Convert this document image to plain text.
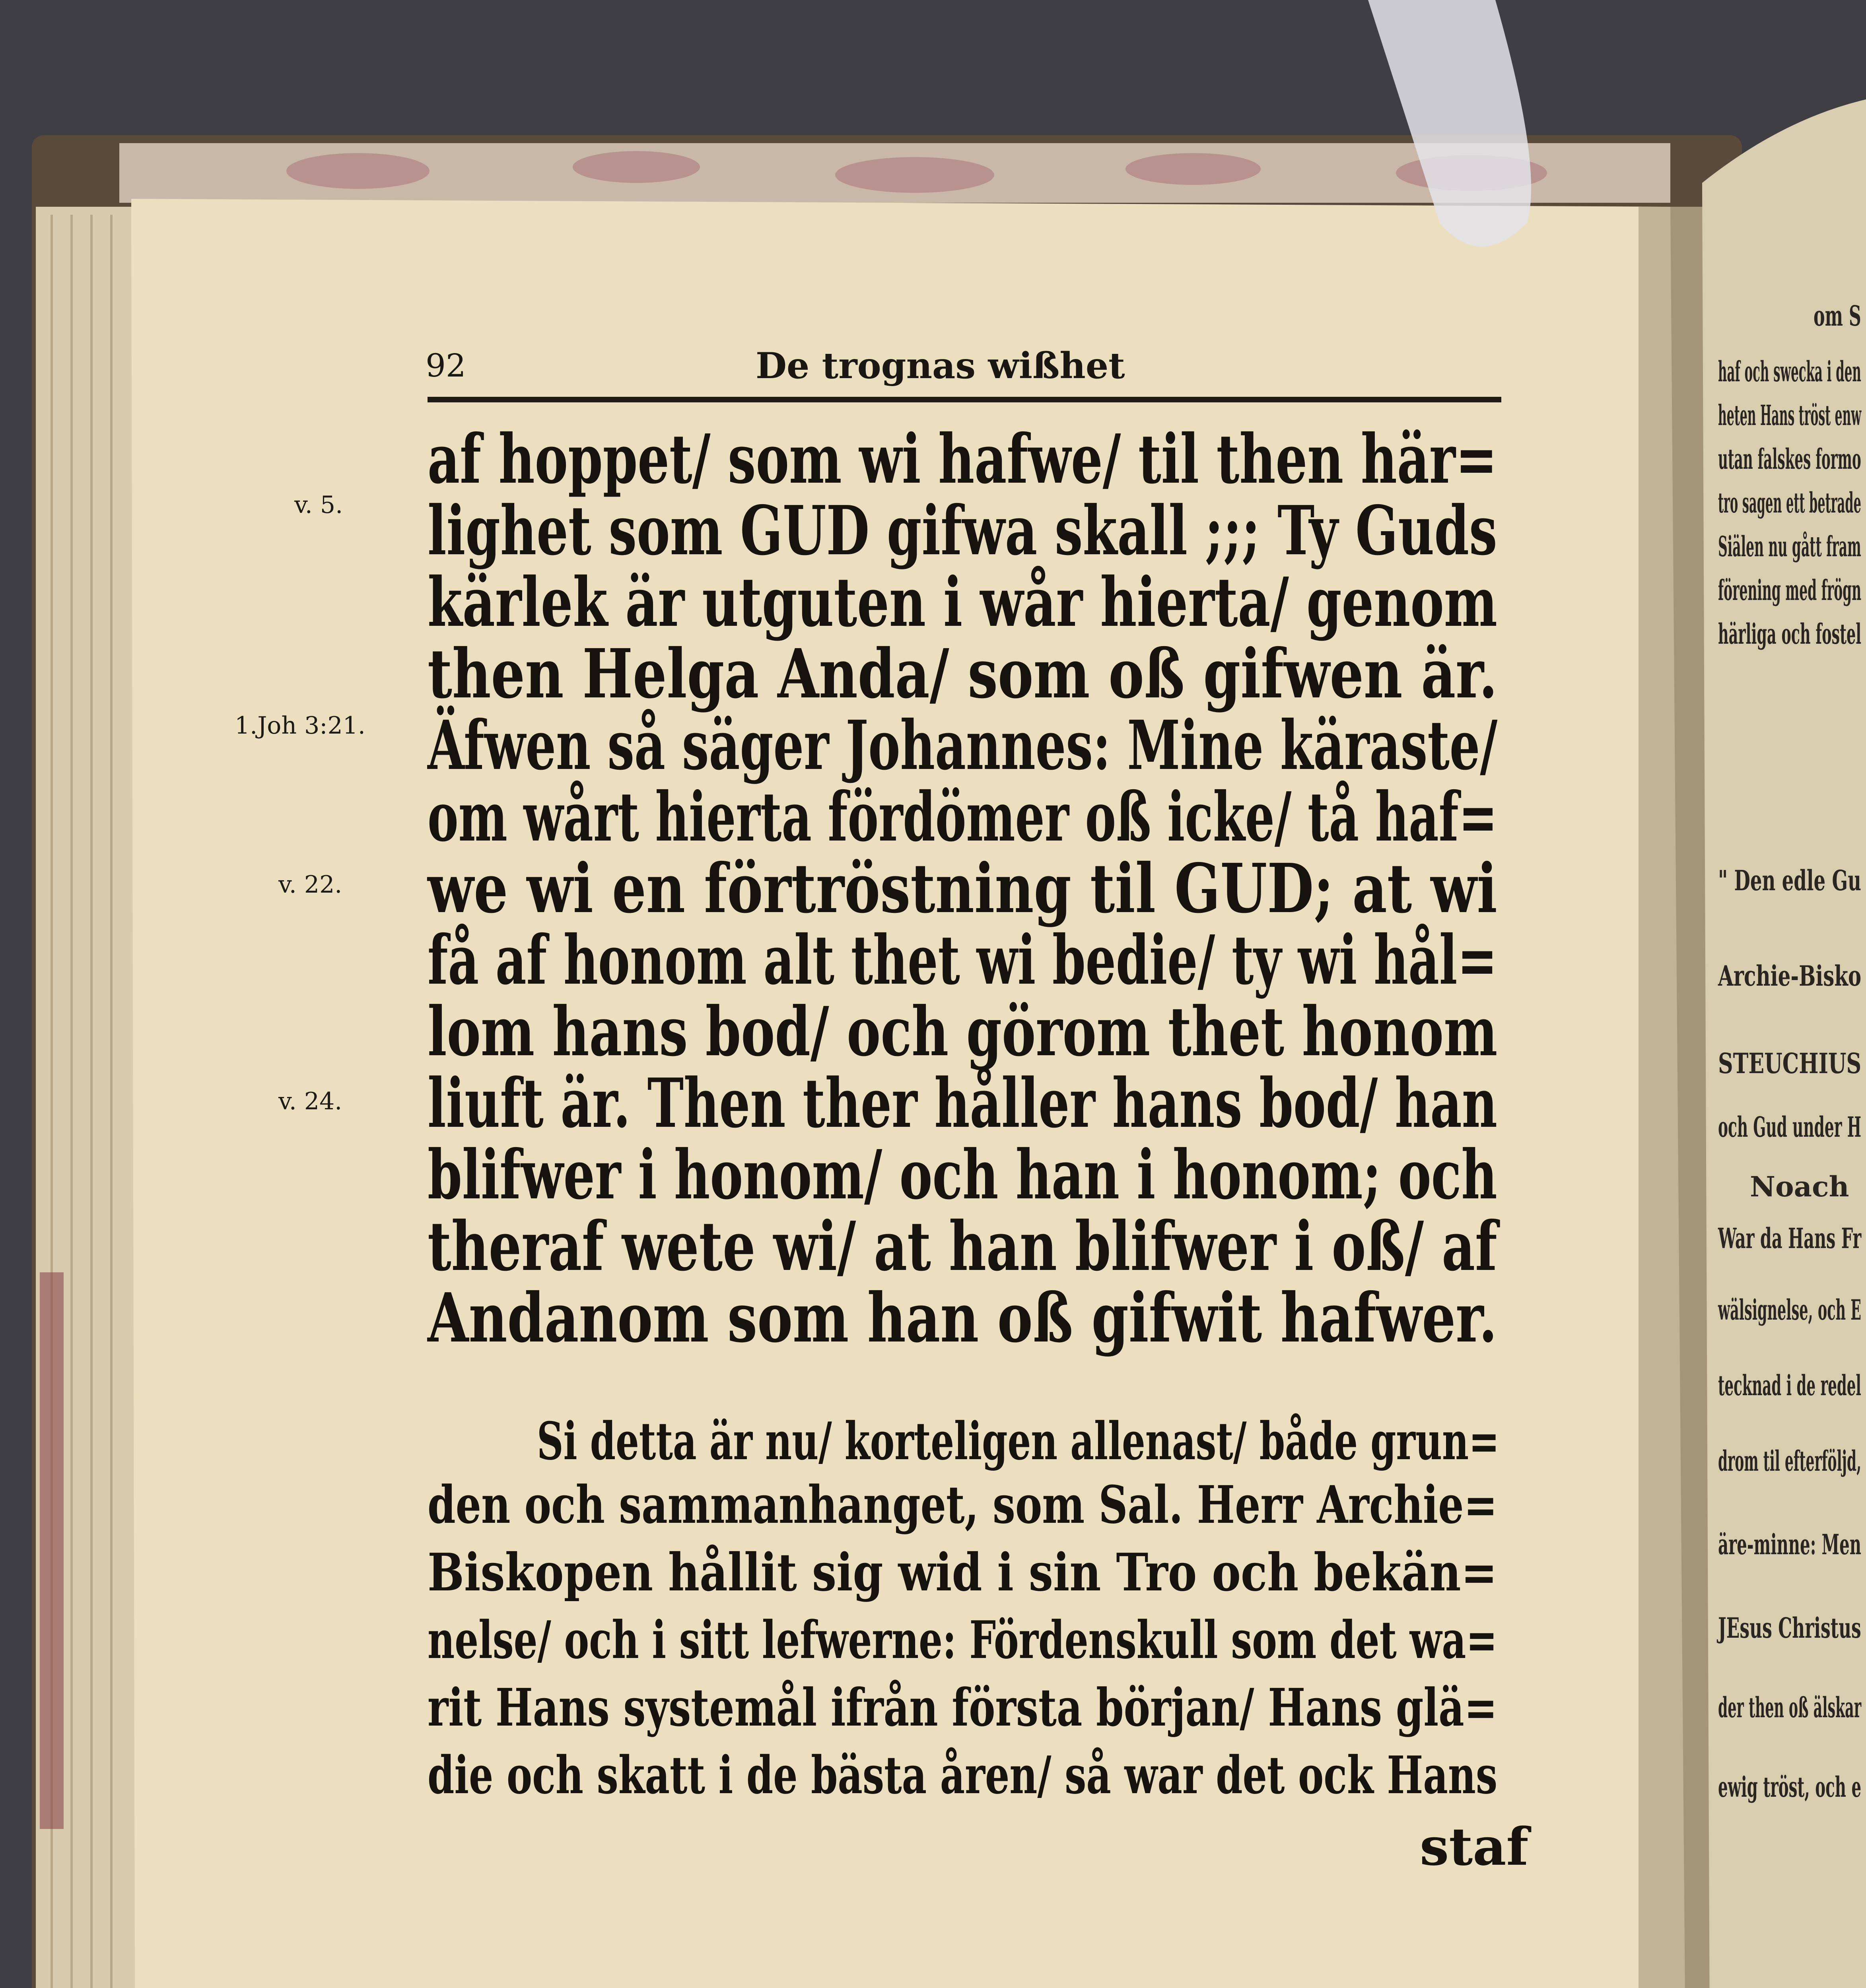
92	De trognas wißhet
v. 5.
1.Joh 3:21.
v. 22.
v. 24.
af hoppet/ som wi hafwe/ til then här=
lighet som GUD gifwa skall ;;; Ty Guds
kärlek är utguten i wår hierta/ genom
then Helga Anda/ som oß gifwen är.
Äfwen så säger Johannes: Mine käraste/
om wårt hierta fördömer oß icke/ tå haf=
we wi en förtröstning til GUD; at wi
få af honom alt thet wi bedie/ ty wi hål=
lom hans bod/ och görom thet honom
liuft är. Then ther håller hans bod/ han
blifwer i honom/ och han i honom; och
theraf wete wi/ at han blifwer i oß/ af
Andanom som han oß gifwit hafwer.
Si detta är nu/ korteligen allenast/ både grun=
den och sammanhanget, som Sal. Herr Archie=
Biskopen hållit sig wid i sin Tro och bekän=
nelse/ och i sitt lefwerne: Fördenskull som det wa=
rit Hans systemål ifrån första början/ Hans glä=
die och skatt i de bästa åren/ så war det ock Hans
staf
om S
haf och swecka i den
heten Hans tröst enw
utan falskes formo
tro sagen ett betrade
Siälen nu gått fram
förening med frögn
härliga och fostel
" Den edle Gu
Archie-Bisko
STEUCHIUS
och Gud under H
Noach
War da Hans Fr
wälsignelse, och E
tecknad i de redel
drom til efterföljd,
äre-minne: Men
JEsus Christus
der then oß älskar
ewig tröst, och e
